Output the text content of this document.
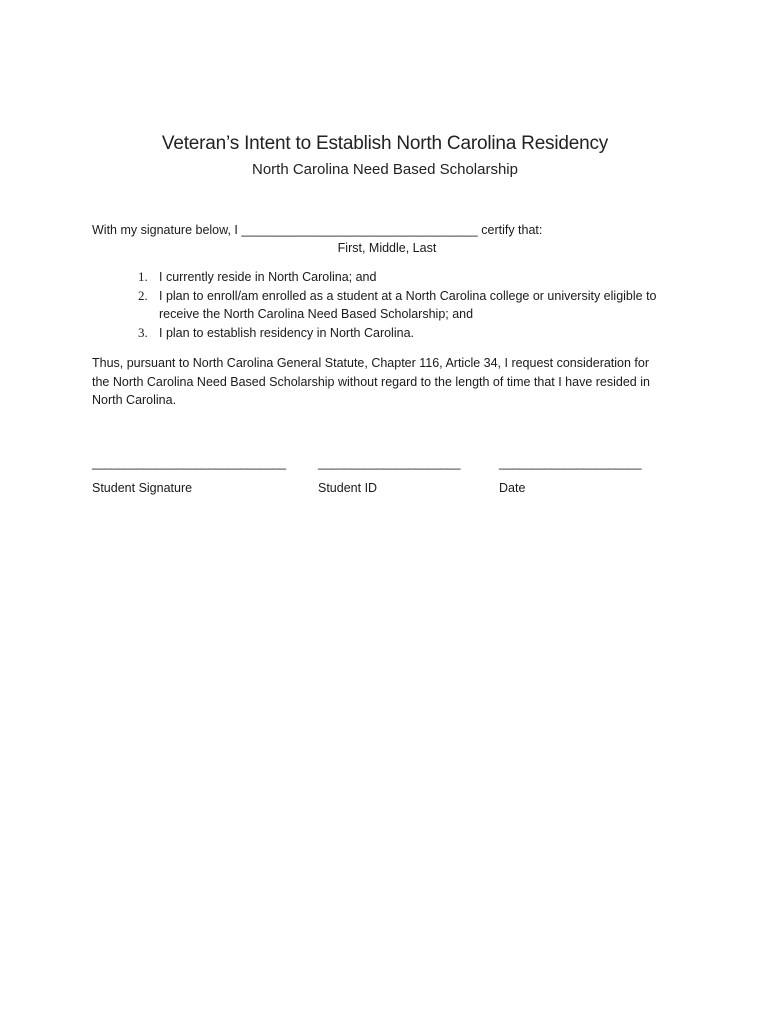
Veteran’s Intent to Establish North Carolina Residency
North Carolina Need Based Scholarship
With my signature below, I __________________________________ certify that:
First, Middle, Last
1. I currently reside in North Carolina; and
2. I plan to enroll/am enrolled as a student at a North Carolina college or university eligible to
receive the North Carolina Need Based Scholarship; and
3. I plan to establish residency in North Carolina.
Thus, pursuant to North Carolina General Statute, Chapter 116, Article 34, I request consideration for
the North Carolina Need Based Scholarship without regard to the length of time that I have resided in
North Carolina.
______________________________	______________________	______________________
Student Signature	Student ID	Date
